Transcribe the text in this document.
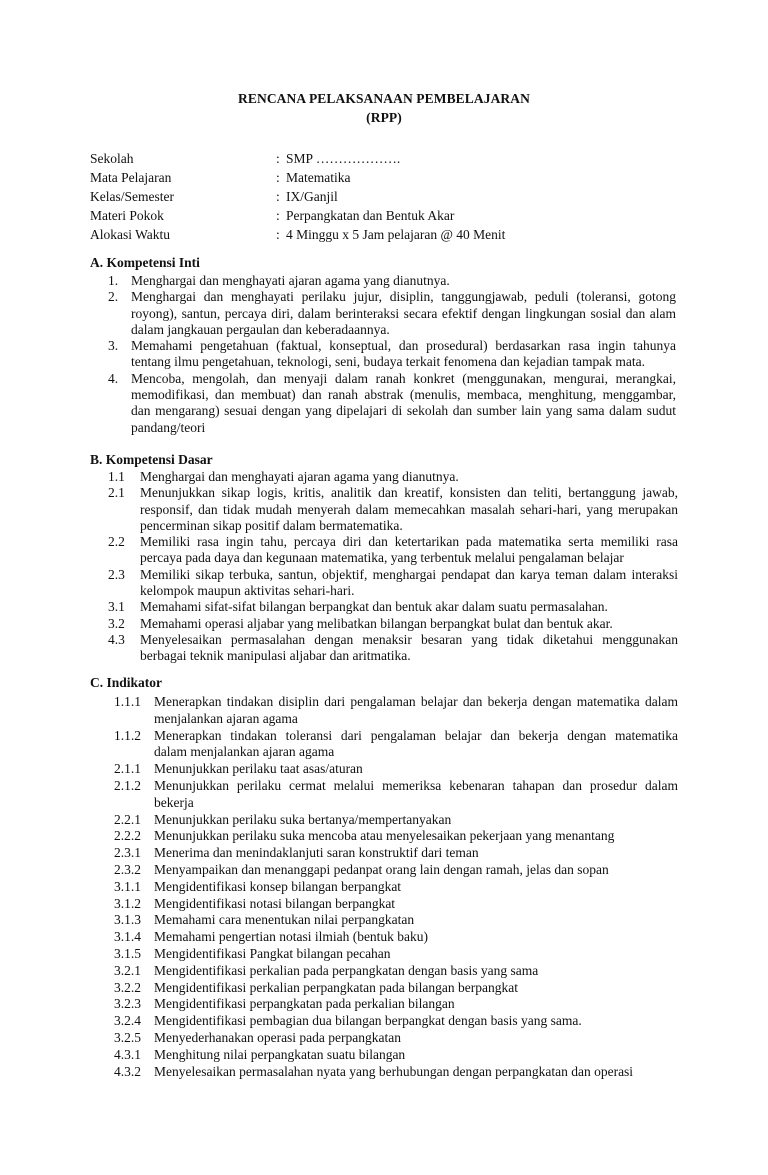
RENCANA PELAKSANAAN PEMBELAJARAN
(RPP)
Sekolah	: SMP ……………….
Mata Pelajaran	: Matematika
Kelas/Semester	: IX/Ganjil
Materi Pokok	: Perpangkatan dan Bentuk Akar
Alokasi Waktu	: 4 Minggu x 5 Jam pelajaran @ 40 Menit
A. Kompetensi Inti
1. Menghargai dan menghayati ajaran agama yang dianutnya.
2. Menghargai dan menghayati perilaku jujur, disiplin, tanggungjawab, peduli (toleransi, gotong
royong), santun, percaya diri, dalam berinteraksi secara efektif dengan lingkungan sosial dan alam
dalam jangkauan pergaulan dan keberadaannya.
3. Memahami pengetahuan (faktual, konseptual, dan prosedural) berdasarkan rasa ingin tahunya
tentang ilmu pengetahuan, teknologi, seni, budaya terkait fenomena dan kejadian tampak mata.
4. Mencoba, mengolah, dan menyaji dalam ranah konkret (menggunakan, mengurai, merangkai,
memodifikasi, dan membuat) dan ranah abstrak (menulis, membaca, menghitung, menggambar,
dan mengarang) sesuai dengan yang dipelajari di sekolah dan sumber lain yang sama dalam sudut
pandang/teori
B. Kompetensi Dasar
1.1 Menghargai dan menghayati ajaran agama yang dianutnya.
2.1 Menunjukkan sikap logis, kritis, analitik dan kreatif, konsisten dan teliti, bertanggung jawab,
responsif, dan tidak mudah menyerah dalam memecahkan masalah sehari-hari, yang merupakan
pencerminan sikap positif dalam bermatematika.
2.2 Memiliki rasa ingin tahu, percaya diri dan ketertarikan pada matematika serta memiliki rasa
percaya pada daya dan kegunaan matematika, yang terbentuk melalui pengalaman belajar
2.3 Memiliki sikap terbuka, santun, objektif, menghargai pendapat dan karya teman dalam interaksi
kelompok maupun aktivitas sehari-hari.
3.1 Memahami sifat-sifat bilangan berpangkat dan bentuk akar dalam suatu permasalahan.
3.2 Memahami operasi aljabar yang melibatkan bilangan berpangkat bulat dan bentuk akar.
4.3 Menyelesaikan permasalahan dengan menaksir besaran yang tidak diketahui menggunakan
berbagai teknik manipulasi aljabar dan aritmatika.
C. Indikator
1.1.1 Menerapkan tindakan disiplin dari pengalaman belajar dan bekerja dengan matematika dalam
menjalankan ajaran agama
1.1.2 Menerapkan tindakan toleransi dari pengalaman belajar dan bekerja dengan matematika
dalam menjalankan ajaran agama
2.1.1 Menunjukkan perilaku taat asas/aturan
2.1.2 Menunjukkan perilaku cermat melalui memeriksa kebenaran tahapan dan prosedur dalam
bekerja
2.2.1 Menunjukkan perilaku suka bertanya/mempertanyakan
2.2.2 Menunjukkan perilaku suka mencoba atau menyelesaikan pekerjaan yang menantang
2.3.1 Menerima dan menindaklanjuti saran konstruktif dari teman
2.3.2 Menyampaikan dan menanggapi pedanpat orang lain dengan ramah, jelas dan sopan
3.1.1 Mengidentifikasi konsep bilangan berpangkat
3.1.2 Mengidentifikasi notasi bilangan berpangkat
3.1.3 Memahami cara menentukan nilai perpangkatan
3.1.4 Memahami pengertian notasi ilmiah (bentuk baku)
3.1.5 Mengidentifikasi Pangkat bilangan pecahan
3.2.1 Mengidentifikasi perkalian pada perpangkatan dengan basis yang sama
3.2.2 Mengidentifikasi perkalian perpangkatan pada bilangan berpangkat
3.2.3 Mengidentifikasi perpangkatan pada perkalian bilangan
3.2.4 Mengidentifikasi pembagian dua bilangan berpangkat dengan basis yang sama.
3.2.5 Menyederhanakan operasi pada perpangkatan
4.3.1 Menghitung nilai perpangkatan suatu bilangan
4.3.2 Menyelesaikan permasalahan nyata yang berhubungan dengan perpangkatan dan operasi
